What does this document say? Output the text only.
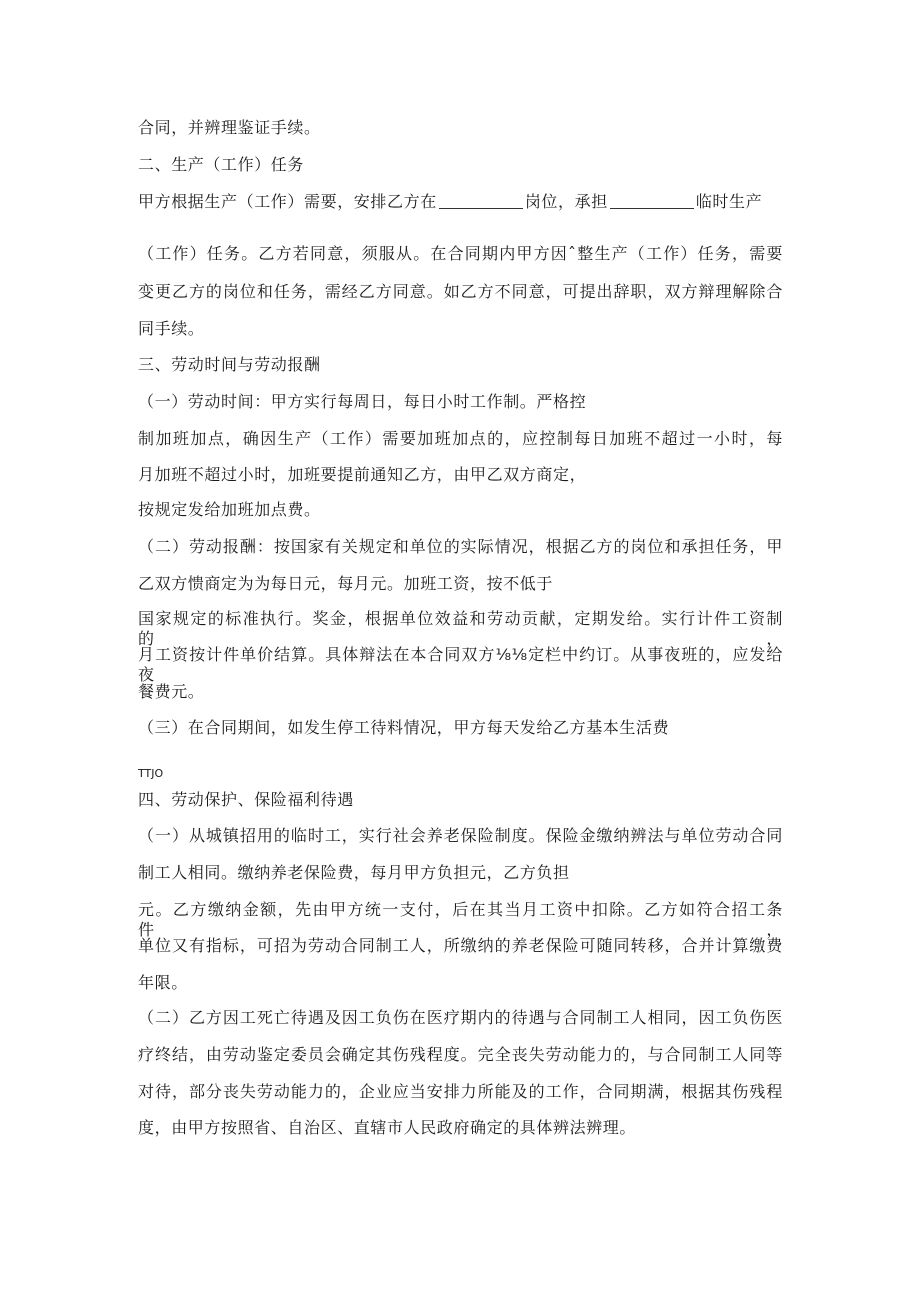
合同，并辨理鉴证手续。

二、生产（工作）任务

甲方根据生产（工作）需要，安排乙方在	岗位，承担	临时生产

（工作）任务。乙方若同意，须服从。在合同期内甲方因ˆ整生产（工作）任务，需要

变更乙方的岗位和任务，需经乙方同意。如乙方不同意，可提出辞职，双方辩理解除合

同手续。

三、劳动时间与劳动报酬

（一）劳动时间：甲方实行每周日，每日小时工作制。严格控

制加班加点，确因生产（工作）需要加班加点的，应控制每日加班不超过一小时，每

月加班不超过小时，加班要提前通知乙方，由甲乙双方商定，

按规定发给加班加点费。

（二）劳动报酬：按国家有关规定和单位的实际情况，根据乙方的岗位和承担任务，甲

乙双方愦商定为为每日元，每月元。加班工资，按不低于

国家规定的标准执行。奖金，根据单位效益和劳动贡献，定期发给。实行计件工资制的，

月工资按计件单价结算。具体辩法在本合同双方⅛⅛定栏中约订。从事夜班的，应发给夜

餐费元。

（三）在合同期间，如发生停工待料情况，甲方每天发给乙方基本生活费

TTJO

四、劳动保护、保险福利待遇

（一）从城镇招用的临时工，实行社会养老保险制度。保险金缴纳辨法与单位劳动合同

制工人相同。缴纳养老保险费，每月甲方负担元，乙方负担

元。乙方缴纳金额，先由甲方统一支付，后在其当月工资中扣除。乙方如符合招工条件，

单位又有指标，可招为劳动合同制工人，所缴纳的养老保险可随同转移，合并计算缴费

年限。

（二）乙方因工死亡待遇及因工负伤在医疗期内的待遇与合同制工人相同，因工负伤医

疗终结，由劳动鉴定委员会确定其伤残程度。完全丧失劳动能力的，与合同制工人同等

对待，部分丧失劳动能力的，企业应当安排力所能及的工作，合同期满，根据其伤残程

度，由甲方按照省、自治区、直辖市人民政府确定的具体辨法辨理。
